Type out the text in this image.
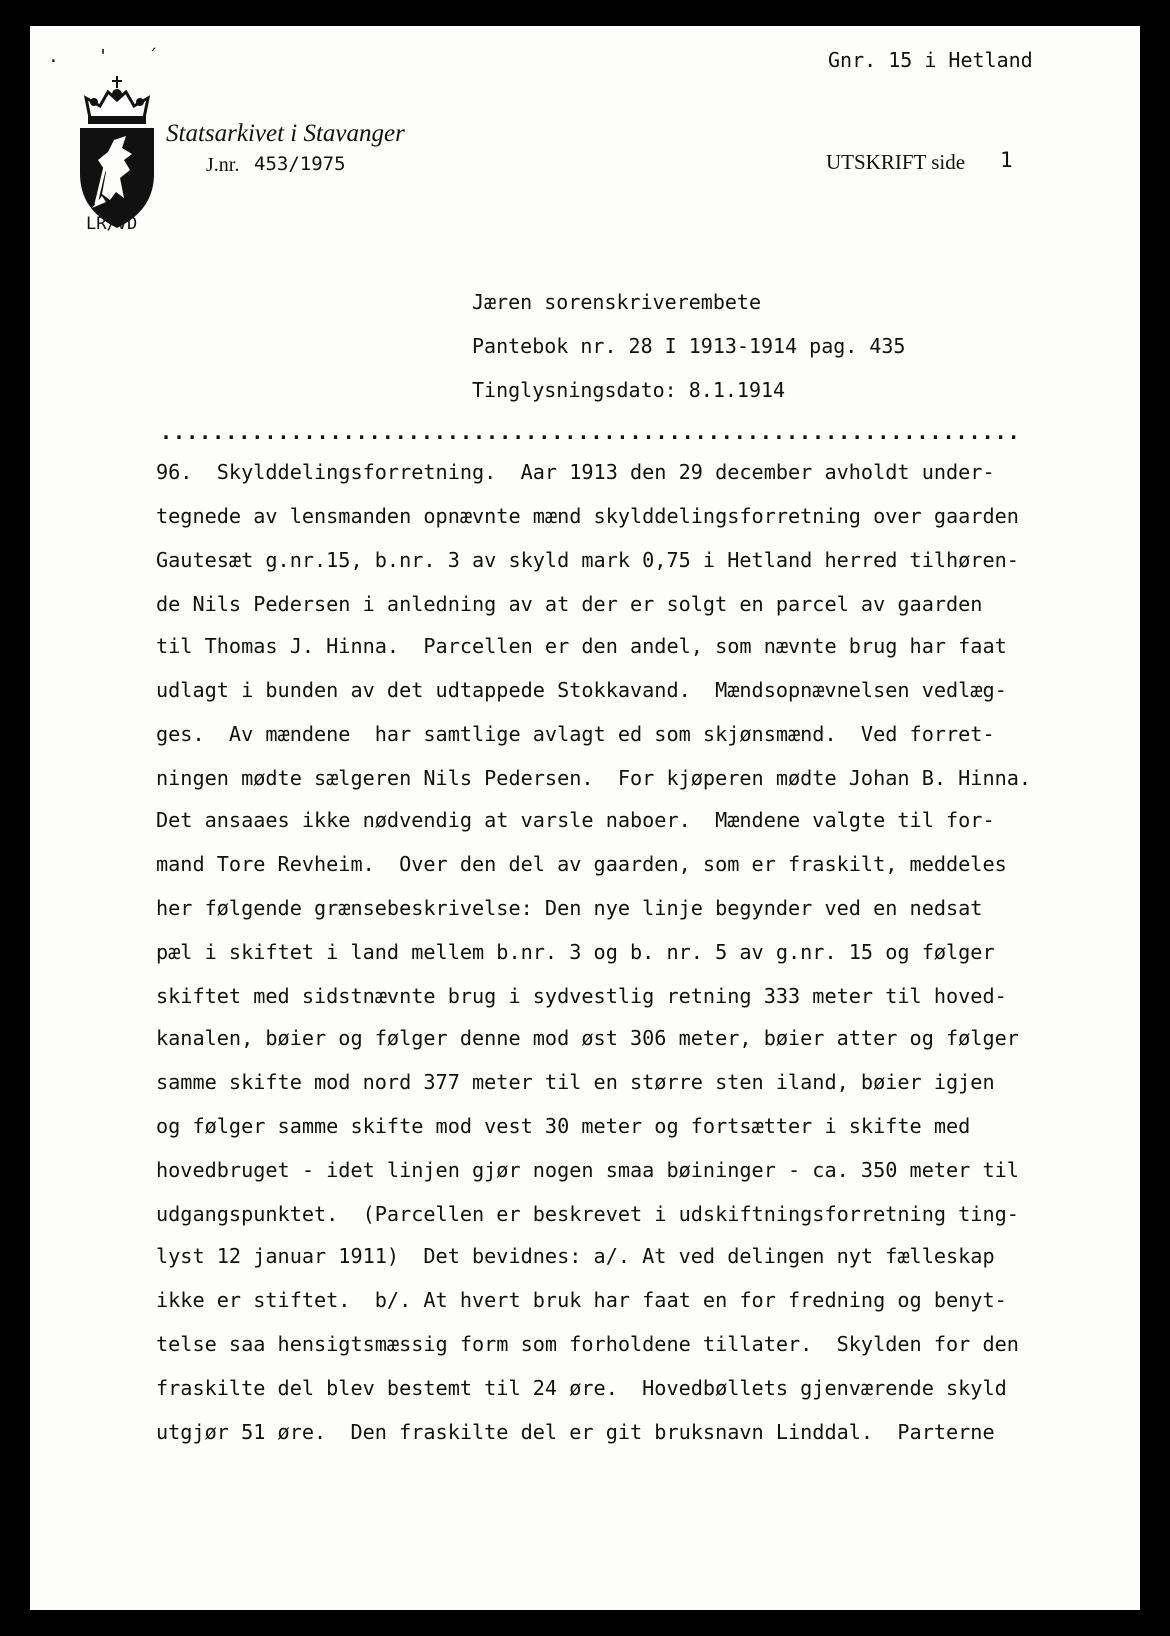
. ' ´	Gnr. 15 i Hetland
Statsarkivet i Stavanger
J.nr. 453/1975	UTSKRIFT side 1
LR/VD
Jæren sorenskriverembete
Pantebok nr. 28 I 1913-1914 pag. 435
Tinglysningsdato: 8.1.1914
..................................................................

96.  Skylddelingsforretning.  Aar 1913 den 29 december avholdt under-

tegnede av lensmanden opnævnte mænd skylddelingsforretning over gaarden

Gautesæt g.nr.15, b.nr. 3 av skyld mark 0,75 i Hetland herred tilhøren-

de Nils Pedersen i anledning av at der er solgt en parcel av gaarden

til Thomas J. Hinna.  Parcellen er den andel, som nævnte brug har faat

udlagt i bunden av det udtappede Stokkavand.  Mændsopnævnelsen vedlæg-

ges.  Av mændene  har samtlige avlagt ed som skjønsmænd.  Ved forret-

ningen mødte sælgeren Nils Pedersen.  For kjøperen mødte Johan B. Hinna.

Det ansaaes ikke nødvendig at varsle naboer.  Mændene valgte til for-

mand Tore Revheim.  Over den del av gaarden, som er fraskilt, meddeles

her følgende grænsebeskrivelse: Den nye linje begynder ved en nedsat

pæl i skiftet i land mellem b.nr. 3 og b. nr. 5 av g.nr. 15 og følger

skiftet med sidstnævnte brug i sydvestlig retning 333 meter til hoved-

kanalen, bøier og følger denne mod øst 306 meter, bøier atter og følger

samme skifte mod nord 377 meter til en større sten iland, bøier igjen

og følger samme skifte mod vest 30 meter og fortsætter i skifte med

hovedbruget - idet linjen gjør nogen smaa bøininger - ca. 350 meter til

udgangspunktet.  (Parcellen er beskrevet i udskiftningsforretning ting-

lyst 12 januar 1911)  Det bevidnes: a/. At ved delingen nyt fælleskap

ikke er stiftet.  b/. At hvert bruk har faat en for fredning og benyt-

telse saa hensigtsmæssig form som forholdene tillater.  Skylden for den

fraskilte del blev bestemt til 24 øre.  Hovedbøllets gjenværende skyld

utgjør 51 øre.  Den fraskilte del er git bruksnavn Linddal.  Parterne
